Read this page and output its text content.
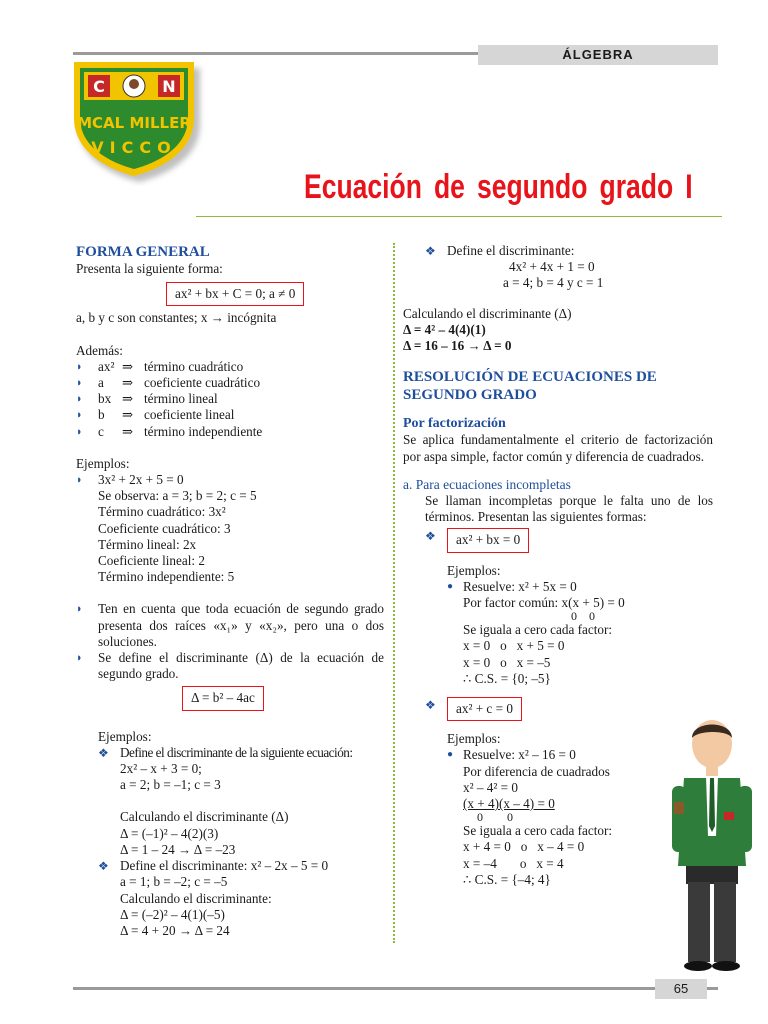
ÁLGEBRA
C	N
MCAL MILLER
VICCO
Ecuación de segundo grado I
FORMA GENERAL
Presenta la siguiente forma:
ax² + bx + C = 0; a ≠ 0
a, b y c son constantes; x → incógnita
Además:
◗	ax² ⇒ término cuadrático
◗	a	⇒ coeficiente cuadrático
◗	bx ⇒ término lineal
◗	b	⇒ coeficiente lineal
◗	c	⇒ término independiente
Ejemplos:
◗	3x² + 2x + 5 = 0
Se observa: a = 3; b = 2; c = 5
Término cuadrático: 3x²
Coeficiente cuadrático: 3
Término lineal: 2x
Coeficiente lineal: 2
Término independiente: 5
◗	Ten en cuenta que toda ecuación de segundo grado presenta dos raíces «x₁» y «x₂», pero una o dos soluciones.
◗	Se define el discriminante (Δ) de la ecuación de segundo grado.
Δ = b² – 4ac
Ejemplos:
❖ Define el discriminante de la siguiente ecuación:
2x² – x + 3 = 0;
a = 2; b = –1; c = 3
Calculando el discriminante (Δ)
Δ = (–1)² – 4(2)(3)
Δ = 1 – 24 → Δ = –23
❖ Define el discriminante: x² – 2x – 5 = 0
a = 1; b = –2; c = –5
Calculando el discriminante:
Δ = (–2)² – 4(1)(–5)
Δ = 4 + 20 → Δ = 24
❖ Define el discriminante:
4x² + 4x + 1 = 0
a = 4; b = 4 y c = 1
Calculando el discriminante (Δ)
Δ = 4² – 4(4)(1)
Δ = 16 – 16 → Δ = 0
RESOLUCIÓN DE ECUACIONES DE SEGUNDO GRADO
Por factorización
Se aplica fundamentalmente el criterio de factorización por aspa simple, factor común y diferencia de cuadrados.
a. Para ecuaciones incompletas
Se llaman incompletas porque le falta uno de los términos. Presentan las siguientes formas:
❖	ax² + bx = 0
Ejemplos:
● Resuelve: x² + 5x = 0
Por factor común: x(x + 5) = 0
0    0
Se iguala a cero cada factor:
x = 0   o   x + 5 = 0
x = 0   o   x = –5
∴ C.S. = {0; –5}
❖	ax² + c = 0
Ejemplos:
● Resuelve: x² – 16 = 0
Por diferencia de cuadrados
x² – 4² = 0
(x + 4)(x – 4) = 0
0        0
Se iguala a cero cada factor:
x + 4 = 0   o   x – 4 = 0
x = –4       o   x = 4
∴ C.S. = {–4; 4}
65
